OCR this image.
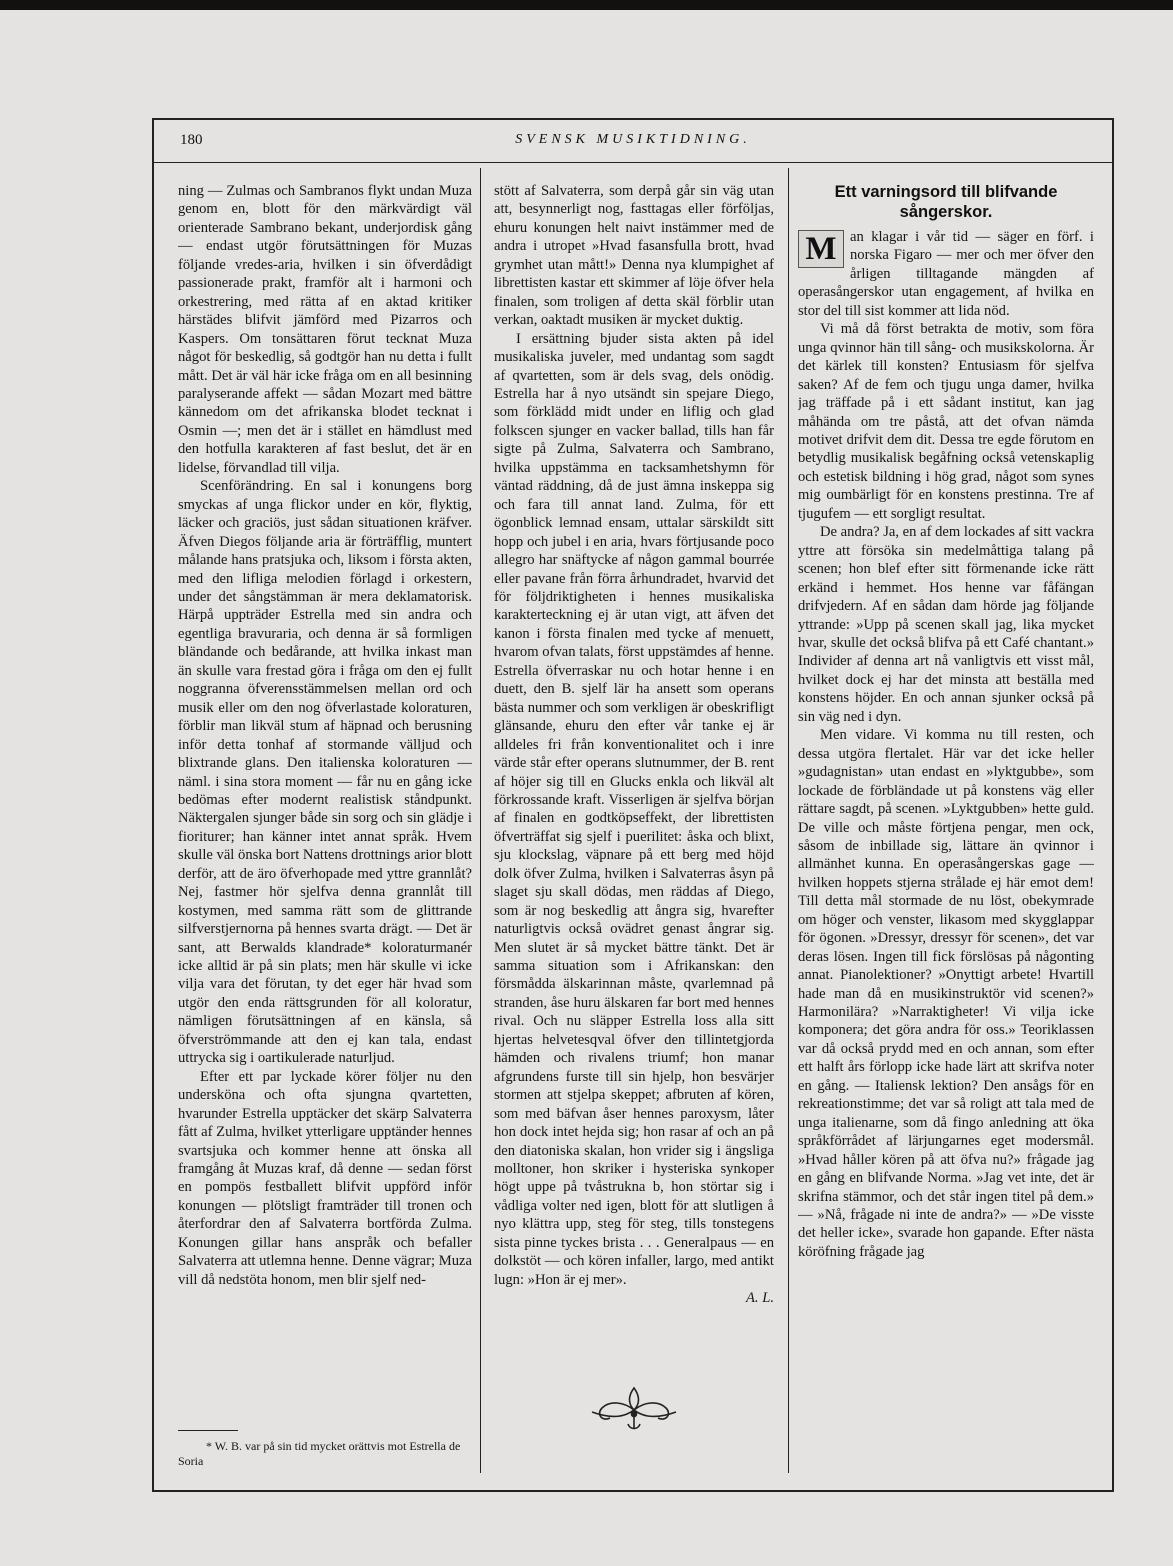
180	SVENSK MUSIKTIDNING.

ning — Zulmas och Sambranos flykt undan Muza genom en, blott för den märkvärdigt väl orienterade Sambrano bekant, underjordisk gång — endast utgör förutsättningen för Muzas följande vredes-aria, hvilken i sin öfverdådigt passionerade prakt, framför alt i harmoni och orkestrering, med rätta af en aktad kritiker härstädes blifvit jämförd med Pizarros och Kaspers. Om tonsättaren förut tecknat Muza något för beskedlig, så godtgör han nu detta i fullt mått. Det är väl här icke fråga om en all besinning paralyserande affekt — sådan Mozart med bättre kännedom om det afrikanska blodet tecknat i Osmin —; men det är i stället en hämdlust med den hotfulla karakteren af fast beslut, det är en lidelse, förvandlad till vilja.

Scenförändring. En sal i konungens borg smyckas af unga flickor under en kör, flyktig, läcker och graciös, just sådan situationen kräfver. Äfven Diegos följande aria är förträfflig, muntert målande hans pratsjuka och, liksom i första akten, med den lifliga melodien förlagd i orkestern, under det sångstämman är mera deklamatorisk. Härpå uppträder Estrella med sin andra och egentliga bravuraria, och denna är så formligen bländande och bedårande, att hvilka inkast man än skulle vara frestad göra i fråga om den ej fullt noggranna öfverensstämmelsen mellan ord och musik eller om den nog öfverlastade koloraturen, förblir man likväl stum af häpnad och berusning inför detta tonhaf af stormande välljud och blixtrande glans. Den italienska koloraturen — näml. i sina stora moment — får nu en gång icke bedömas efter modernt realistisk ståndpunkt. Näktergalen sjunger både sin sorg och sin glädje i fioriturer; han känner intet annat språk. Hvem skulle väl önska bort Nattens drottnings arior blott derför, att de äro öfverhopade med yttre grannlåt? Nej, fastmer hör sjelfva denna grannlåt till kostymen, med samma rätt som de glittrande silfverstjernorna på hennes svarta drägt. — Det är sant, att Berwalds klandrade* koloraturmanér icke alltid är på sin plats; men här skulle vi icke vilja vara det förutan, ty det eger här hvad som utgör den enda rättsgrunden för all koloratur, nämligen förutsättningen af en känsla, så öfverströmmande att den ej kan tala, endast uttrycka sig i oartikulerade naturljud.

Efter ett par lyckade körer följer nu den undersköna och ofta sjungna qvartetten, hvarunder Estrella upptäcker det skärp Salvaterra fått af Zulma, hvilket ytterligare upptänder hennes svartsjuka och kommer henne att önska all framgång åt Muzas kraf, då denne — sedan först en pompös festballett blifvit uppförd inför konungen — plötsligt framträder till tronen och återfordrar den af Salvaterra bortförda Zulma. Konungen gillar hans anspråk och befaller Salvaterra att utlemna henne. Denne vägrar; Muza vill då nedstöta honom, men blir sjelf ned-

* W. B. var på sin tid mycket orättvis mot Estrella de Soria

stött af Salvaterra, som derpå går sin väg utan att, besynnerligt nog, fasttagas eller förföljas, ehuru konungen helt naivt instämmer med de andra i utropet »Hvad fasansfulla brott, hvad grymhet utan mått!» Denna nya klumpighet af librettisten kastar ett skimmer af löje öfver hela finalen, som troligen af detta skäl förblir utan verkan, oaktadt musiken är mycket duktig.

I ersättning bjuder sista akten på idel musikaliska juveler, med undantag som sagdt af qvartetten, som är dels svag, dels onödig. Estrella har å nyo utsändt sin spejare Diego, som förklädd midt under en liflig och glad folkscen sjunger en vacker ballad, tills han får sigte på Zulma, Salvaterra och Sambrano, hvilka uppstämma en tacksamhetshymn för väntad räddning, då de just ämna inskeppa sig och fara till annat land. Zulma, för ett ögonblick lemnad ensam, uttalar särskildt sitt hopp och jubel i en aria, hvars förtjusande poco allegro har snäftycke af någon gammal bourrée eller pavane från förra århundradet, hvarvid det för följdriktigheten i hennes musikaliska karakterteckning ej är utan vigt, att äfven det kanon i första finalen med tycke af menuett, hvarom ofvan talats, först uppstämdes af henne. Estrella öfverraskar nu och hotar henne i en duett, den B. sjelf lär ha ansett som operans bästa nummer och som verkligen är obeskrifligt glänsande, ehuru den efter vår tanke ej är alldeles fri från konventionalitet och i inre värde står efter operans slutnummer, der B. rent af höjer sig till en Glucks enkla och likväl alt förkrossande kraft. Visserligen är sjelfva början af finalen en godtköpseffekt, der librettisten öfverträffat sig sjelf i puerilitet: åska och blixt, sju klockslag, väpnare på ett berg med höjd dolk öfver Zulma, hvilken i Salvaterras åsyn på slaget sju skall dödas, men räddas af Diego, som är nog beskedlig att ångra sig, hvarefter naturligtvis också ovädret genast ångrar sig. Men slutet är så mycket bättre tänkt. Det är samma situation som i Afrikanskan: den försmådda älskarinnan måste, qvarlemnad på stranden, åse huru älskaren far bort med hennes rival. Och nu släpper Estrella loss alla sitt hjertas helvetesqval öfver den tillintetgjorda hämden och rivalens triumf; hon manar afgrundens furste till sin hjelp, hon besvärjer stormen att stjelpa skeppet; afbruten af kören, som med bäfvan åser hennes paroxysm, låter hon dock intet hejda sig; hon rasar af och an på den diatoniska skalan, hon vrider sig i ängsliga molltoner, hon skriker i hysteriska synkoper högt uppe på tvåstrukna b, hon störtar sig i vådliga volter ned igen, blott för att slutligen å nyo klättra upp, steg för steg, tills tonstegens sista pinne tyckes brista . . . Generalpaus — en dolkstöt — och kören infaller, largo, med antikt lugn: »Hon är ej mer».

A. L.
Ett varningsord till blifvande sångerskor.

M an klagar i vår tid — säger en förf. i norska Figaro — mer och mer öfver den årligen tilltagande mängden af operasångerskor utan engagement, af hvilka en stor del till sist kommer att lida nöd.

Vi må då först betrakta de motiv, som föra unga qvinnor hän till sång- och musikskolorna. Är det kärlek till konsten? Entusiasm för sjelfva saken? Af de fem och tjugu unga damer, hvilka jag träffade på i ett sådant institut, kan jag måhända om tre påstå, att det ofvan nämda motivet drifvit dem dit. Dessa tre egde förutom en betydlig musikalisk begåfning också vetenskaplig och estetisk bildning i hög grad, något som synes mig oumbärligt för en konstens prestinna. Tre af tjugufem — ett sorgligt resultat.

De andra? Ja, en af dem lockades af sitt vackra yttre att försöka sin medelmåttiga talang på scenen; hon blef efter sitt förmenande icke rätt erkänd i hemmet. Hos henne var fåfängan drifvjedern. Af en sådan dam hörde jag följande yttrande: »Upp på scenen skall jag, lika mycket hvar, skulle det också blifva på ett Café chantant.» Individer af denna art nå vanligtvis ett visst mål, hvilket dock ej har det minsta att beställa med konstens höjder. En och annan sjunker också på sin väg ned i dyn.

Men vidare. Vi komma nu till resten, och dessa utgöra flertalet. Här var det icke heller »gudagnistan» utan endast en »lyktgubbe», som lockade de förbländade ut på konstens väg eller rättare sagdt, på scenen. »Lyktgubben» hette guld. De ville och måste förtjena pengar, men ock, såsom de inbillade sig, lättare än qvinnor i allmänhet kunna. En operasångerskas gage — hvilken hoppets stjerna strålade ej här emot dem! Till detta mål stormade de nu löst, obekymrade om höger och venster, likasom med skygglappar för ögonen. »Dressyr, dressyr för scenen», det var deras lösen. Ingen till fick förslösas på någonting annat. Pianolektioner? »Onyttigt arbete! Hvartill hade man då en musikinstruktör vid scenen?» Harmonilära? »Narraktigheter! Vi vilja icke komponera; det göra andra för oss.» Teoriklassen var då också prydd med en och annan, som efter ett halft års förlopp icke hade lärt att skrifva noter en gång. — Italiensk lektion? Den ansågs för en rekreationstimme; det var så roligt att tala med de unga italienarne, som då fingo anledning att öka språkförrådet af lärjungarnes eget modersmål. »Hvad håller kören på att öfva nu?» frågade jag en gång en blifvande Norma. »Jag vet inte, det är skrifna stämmor, och det står ingen titel på dem.» — »Nå, frågade ni inte de andra?» — »De visste det heller icke», svarade hon gapande. Efter nästa köröfning frågade jag
